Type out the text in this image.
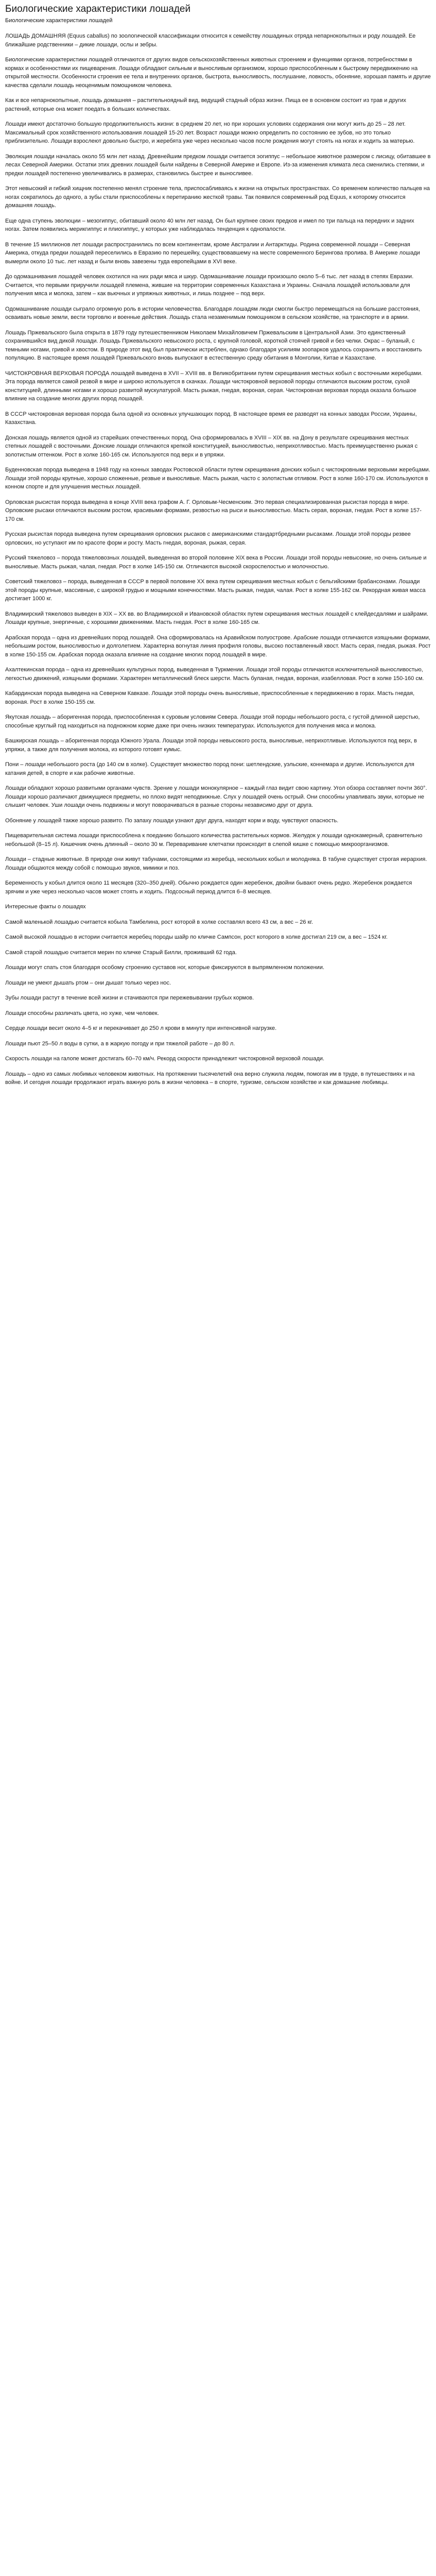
Биологические характеристики лошадей

Биологические характеристики лошадей

ЛОШАДЬ ДОМАШНЯЯ (Equus caballus) по зоологической классификации относится к семейству лошадиных отряда непарнокопытных и роду лошадей. Ее ближайшие родственники – дикие лошади, ослы и зебры.

Биологические характеристики лошадей отличаются от других видов сельскохозяйственных животных строением и функциями органов, потребностями в кормах и особенностями их пищеварения. Лошади обладают сильным и выносливым организмом, хорошо приспособленным к быстрому передвижению на открытой местности. Особенности строения ее тела и внутренних органов, быстрота, выносливость, послушание, ловкость, обоняние, хорошая память и другие качества сделали лошадь неоценимым помощником человека.

Как и все непарнокопытные, лошадь домашняя – растительноядный вид, ведущий стадный образ жизни. Пища ее в основном состоит из трав и других растений, которые она может поедать в больших количествах.

Лошади имеют достаточно большую продолжительность жизни: в среднем 20 лет, но при хороших условиях содержания они могут жить до 25 – 28 лет. Максимальный срок хозяйственного использования лошадей 15-20 лет. Возраст лошади можно определить по состоянию ее зубов, но это только приблизительно. Лошади взрослеют довольно быстро, и жеребята уже через несколько часов после рождения могут стоять на ногах и ходить за матерью.

Эволюция лошади началась около 55 млн лет назад. Древнейшим предком лошади считается эогиппус – небольшое животное размером с лисицу, обитавшее в лесах Северной Америки. Остатки этих древних лошадей были найдены в Северной Америке и Европе. Из-за изменения климата леса сменились степями, и предки лошадей постепенно увеличивались в размерах, становились быстрее и выносливее.

Этот невысокий и гибкий хищник постепенно менял строение тела, приспосабливаясь к жизни на открытых пространствах. Со временем количество пальцев на ногах сократилось до одного, а зубы стали приспособлены к перетиранию жесткой травы. Так появился современный род Equus, к которому относится домашняя лошадь.

Еще одна ступень эволюции – мезогиппус, обитавший около 40 млн лет назад. Он был крупнее своих предков и имел по три пальца на передних и задних ногах. Затем появились мерикгиппус и плиогиппус, у которых уже наблюдалась тенденция к однопалости.

В течение 15 миллионов лет лошади распространились по всем континентам, кроме Австралии и Антарктиды. Родина современной лошади – Северная Америка, откуда предки лошадей переселились в Евразию по перешейку, существовавшему на месте современного Берингова пролива. В Америке лошади вымерли около 10 тыс. лет назад и были вновь завезены туда европейцами в XVI веке.

До одомашнивания лошадей человек охотился на них ради мяса и шкур. Одомашнивание лошади произошло около 5–6 тыс. лет назад в степях Евразии. Считается, что первыми приручили лошадей племена, жившие на территории современных Казахстана и Украины. Сначала лошадей использовали для получения мяса и молока, затем – как вьючных и упряжных животных, и лишь позднее – под верх.

Одомашнивание лошади сыграло огромную роль в истории человечества. Благодаря лошадям люди смогли быстро перемещаться на большие расстояния, осваивать новые земли, вести торговлю и военные действия. Лошадь стала незаменимым помощником в сельском хозяйстве, на транспорте и в армии.

Лошадь Пржевальского была открыта в 1879 году путешественником Николаем Михайловичем Пржевальским в Центральной Азии. Это единственный сохранившийся вид дикой лошади. Лошадь Пржевальского невысокого роста, с крупной головой, короткой стоячей гривой и без челки. Окрас – буланый, с темными ногами, гривой и хвостом. В природе этот вид был практически истреблен, однако благодаря усилиям зоопарков удалось сохранить и восстановить популяцию. В настоящее время лошадей Пржевальского вновь выпускают в естественную среду обитания в Монголии, Китае и Казахстане.

ЧИСТОКРОВНАЯ ВЕРХОВАЯ ПОРОДА лошадей выведена в XVII – XVIII вв. в Великобритании путем скрещивания местных кобыл с восточными жеребцами. Эта порода является самой резвой в мире и широко используется в скачках. Лошади чистокровной верховой породы отличаются высоким ростом, сухой конституцией, длинными ногами и хорошо развитой мускулатурой. Масть рыжая, гнедая, вороная, серая. Чистокровная верховая порода оказала большое влияние на создание многих других пород лошадей.

В СССР чистокровная верховая порода была одной из основных улучшающих пород. В настоящее время ее разводят на конных заводах России, Украины, Казахстана.

Донская лошадь является одной из старейших отечественных пород. Она сформировалась в XVIII – XIX вв. на Дону в результате скрещивания местных степных лошадей с восточными. Донские лошади отличаются крепкой конституцией, выносливостью, неприхотливостью. Масть преимущественно рыжая с золотистым оттенком. Рост в холке 160-165 см. Используются под верх и в упряжи.

Буденновская порода выведена в 1948 году на конных заводах Ростовской области путем скрещивания донских кобыл с чистокровными верховыми жеребцами. Лошади этой породы крупные, хорошо сложенные, резвые и выносливые. Масть рыжая, часто с золотистым отливом. Рост в холке 160-170 см. Используются в конном спорте и для улучшения местных лошадей.

Орловская рысистая порода выведена в конце XVIII века графом А. Г. Орловым-Чесменским. Это первая специализированная рысистая порода в мире. Орловские рысаки отличаются высоким ростом, красивыми формами, резвостью на рыси и выносливостью. Масть серая, вороная, гнедая. Рост в холке 157-170 см.

Русская рысистая порода выведена путем скрещивания орловских рысаков с американскими стандартбредными рысаками. Лошади этой породы резвее орловских, но уступают им по красоте форм и росту. Масть гнедая, вороная, рыжая, серая.

Русский тяжеловоз – порода тяжеловозных лошадей, выведенная во второй половине XIX века в России. Лошади этой породы невысокие, но очень сильные и выносливые. Масть рыжая, чалая, гнедая. Рост в холке 145-150 см. Отличаются высокой скороспелостью и молочностью.

Советский тяжеловоз – порода, выведенная в СССР в первой половине XX века путем скрещивания местных кобыл с бельгийскими брабансонами. Лошади этой породы крупные, массивные, с широкой грудью и мощными конечностями. Масть рыжая, гнедая, чалая. Рост в холке 155-162 см. Рекордная живая масса достигает 1000 кг.

Владимирский тяжеловоз выведен в XIX – XX вв. во Владимирской и Ивановской областях путем скрещивания местных лошадей с клейдесдалями и шайрами. Лошади крупные, энергичные, с хорошими движениями. Масть гнедая. Рост в холке 160-165 см.

Арабская порода – одна из древнейших пород лошадей. Она сформировалась на Аравийском полуострове. Арабские лошади отличаются изящными формами, небольшим ростом, выносливостью и долголетием. Характерна вогнутая линия профиля головы, высоко поставленный хвост. Масть серая, гнедая, рыжая. Рост в холке 150-155 см. Арабская порода оказала влияние на создание многих пород лошадей в мире.

Ахалтекинская порода – одна из древнейших культурных пород, выведенная в Туркмении. Лошади этой породы отличаются исключительной выносливостью, легкостью движений, изящными формами. Характерен металлический блеск шерсти. Масть буланая, гнедая, вороная, изабелловая. Рост в холке 150-160 см.

Кабардинская порода выведена на Северном Кавказе. Лошади этой породы очень выносливые, приспособленные к передвижению в горах. Масть гнедая, вороная. Рост в холке 150-155 см.

Якутская лошадь – аборигенная порода, приспособленная к суровым условиям Севера. Лошади этой породы небольшого роста, с густой длинной шерстью, способные круглый год находиться на подножном корме даже при очень низких температурах. Используются для получения мяса и молока.

Башкирская лошадь – аборигенная порода Южного Урала. Лошади этой породы невысокого роста, выносливые, неприхотливые. Используются под верх, в упряжи, а также для получения молока, из которого готовят кумыс.

Пони – лошади небольшого роста (до 140 см в холке). Существует множество пород пони: шетлендские, уэльские, коннемара и другие. Используются для катания детей, в спорте и как рабочие животные.

Лошади обладают хорошо развитыми органами чувств. Зрение у лошади монокулярное – каждый глаз видит свою картину. Угол обзора составляет почти 360°. Лошади хорошо различают движущиеся предметы, но плохо видят неподвижные. Слух у лошадей очень острый. Они способны улавливать звуки, которые не слышит человек. Уши лошади очень подвижны и могут поворачиваться в разные стороны независимо друг от друга.

Обоняние у лошадей также хорошо развито. По запаху лошади узнают друг друга, находят корм и воду, чувствуют опасность.

Пищеварительная система лошади приспособлена к поеданию большого количества растительных кормов. Желудок у лошади однокамерный, сравнительно небольшой (8–15 л). Кишечник очень длинный – около 30 м. Переваривание клетчатки происходит в слепой кишке с помощью микроорганизмов.

Лошади – стадные животные. В природе они живут табунами, состоящими из жеребца, нескольких кобыл и молодняка. В табуне существует строгая иерархия. Лошади общаются между собой с помощью звуков, мимики и поз.

Беременность у кобыл длится около 11 месяцев (320–350 дней). Обычно рождается один жеребенок, двойни бывают очень редко. Жеребенок рождается зрячим и уже через несколько часов может стоять и ходить. Подсосный период длится 6–8 месяцев.

Интересные факты о лошадях

Самой маленькой лошадью считается кобыла Тамбелина, рост которой в холке составлял всего 43 см, а вес – 26 кг.

Самой высокой лошадью в истории считается жеребец породы шайр по кличке Сампсон, рост которого в холке достигал 219 см, а вес – 1524 кг.

Самой старой лошадью считается мерин по кличке Старый Билли, проживший 62 года.

Лошади могут спать стоя благодаря особому строению суставов ног, которые фиксируются в выпрямленном положении.

Лошади не умеют дышать ртом – они дышат только через нос.

Зубы лошади растут в течение всей жизни и стачиваются при пережевывании грубых кормов.

Лошади способны различать цвета, но хуже, чем человек.

Сердце лошади весит около 4–5 кг и перекачивает до 250 л крови в минуту при интенсивной нагрузке.

Лошади пьют 25–50 л воды в сутки, а в жаркую погоду и при тяжелой работе – до 80 л.

Скорость лошади на галопе может достигать 60–70 км/ч. Рекорд скорости принадлежит чистокровной верховой лошади.

Лошадь – одно из самых любимых человеком животных. На протяжении тысячелетий она верно служила людям, помогая им в труде, в путешествиях и на войне. И сегодня лошади продолжают играть важную роль в жизни человека – в спорте, туризме, сельском хозяйстве и как домашние любимцы.
